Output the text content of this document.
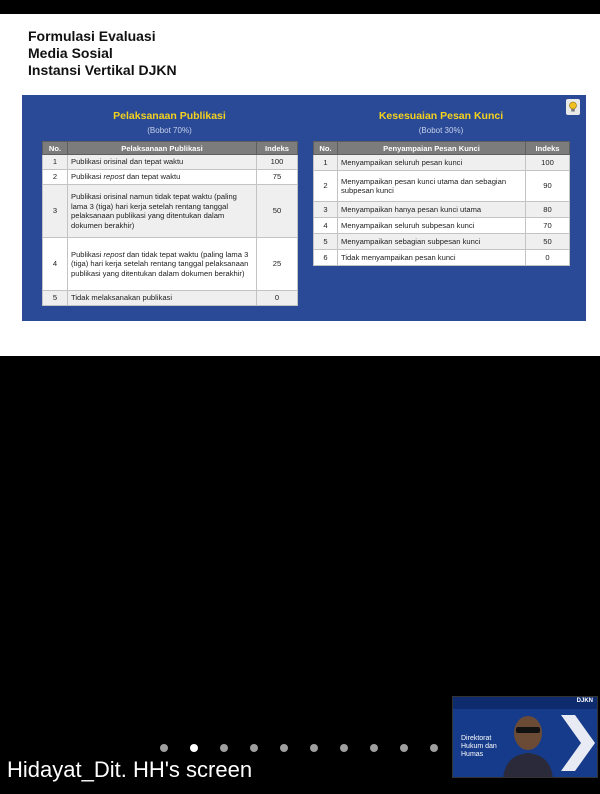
Formulasi Evaluasi
Media Sosial
Instansi Vertikal DJKN
Pelaksanaan Publikasi
(Bobot 70%)
No.	Pelaksanaan Publikasi	Indeks
1	Publikasi orisinal dan tepat waktu	100
2	Publikasi repost dan tepat waktu	75
3	Publikasi orisinal namun tidak tepat waktu (paling lama 3 (tiga) hari kerja setelah rentang tanggal pelaksanaan publikasi yang ditentukan dalam dokumen berakhir)	50
4	Publikasi repost dan tidak tepat waktu (paling lama 3 (tiga) hari kerja setelah rentang tanggal pelaksanaan publikasi yang ditentukan dalam dokumen berakhir)	25
5	Tidak melaksanakan publikasi	0
Kesesuaian Pesan Kunci
(Bobot 30%)
No.	Penyampaian Pesan Kunci	Indeks
1	Menyampaikan seluruh pesan kunci	100
2	Menyampaikan pesan kunci utama dan sebagian subpesan kunci	90
3	Menyampaikan hanya pesan kunci utama	80
4	Menyampaikan seluruh subpesan kunci	70
5	Menyampaikan sebagian subpesan kunci	50
6	Tidak menyampaikan pesan kunci	0
Hidayat_Dit. HH's screen
DJKN
Direktorat
Hukum dan
Humas
